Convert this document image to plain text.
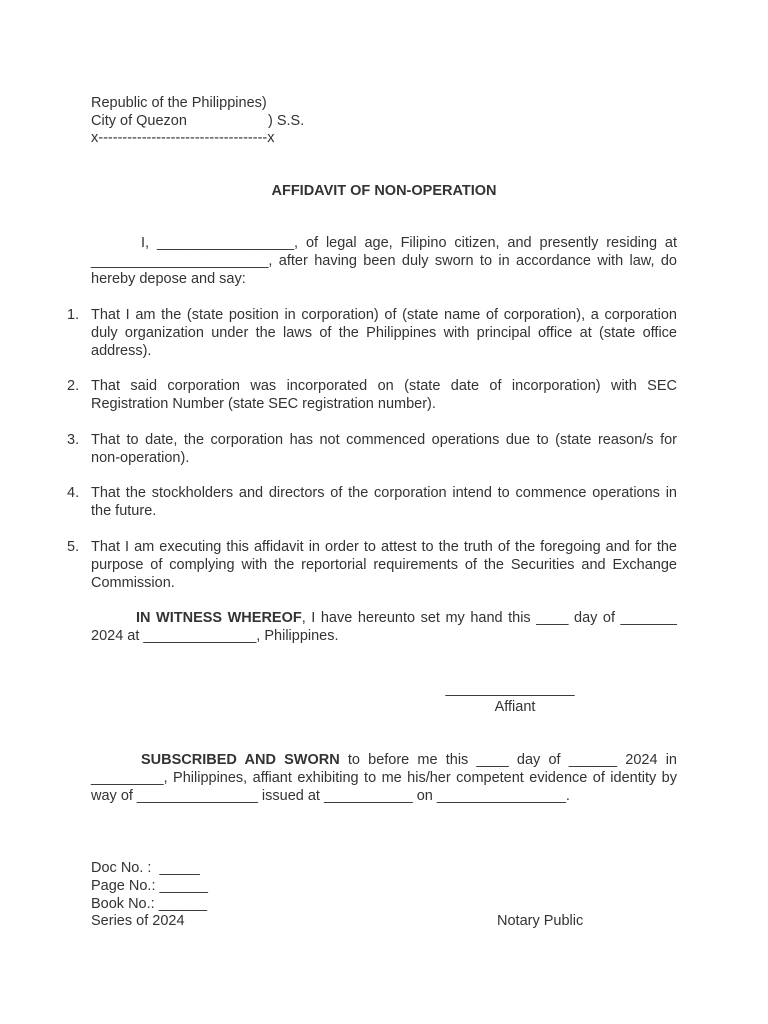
Republic of the Philippines)
City of Quezon	) S.S.
x-----------------------------------x
AFFIDAVIT OF NON-OPERATION
I, _________________, of legal age, Filipino citizen, and presently residing at ______________________, after having been duly sworn to in accordance with law, do hereby depose and say:
1. That I am the (state position in corporation) of (state name of corporation), a corporation duly organization under the laws of the Philippines with principal office at (state office address).
2. That said corporation was incorporated on (state date of incorporation) with SEC Registration Number (state SEC registration number).
3. That to date, the corporation has not commenced operations due to (state reason/s for non-operation).
4. That the stockholders and directors of the corporation intend to commence operations in the future.
5. That I am executing this affidavit in order to attest to the truth of the foregoing and for the purpose of complying with the reportorial requirements of the Securities and Exchange Commission.
IN WITNESS WHEREOF, I have hereunto set my hand this ____ day of _______ 2024 at ______________, Philippines.
________________
Affiant
SUBSCRIBED AND SWORN to before me this ____ day of ______ 2024 in _________, Philippines, affiant exhibiting to me his/her competent evidence of identity by way of _______________ issued at ___________ on ________________.
Doc No. :  _____
Page No.: ______
Book No.: ______
Series of 2024	Notary Public
